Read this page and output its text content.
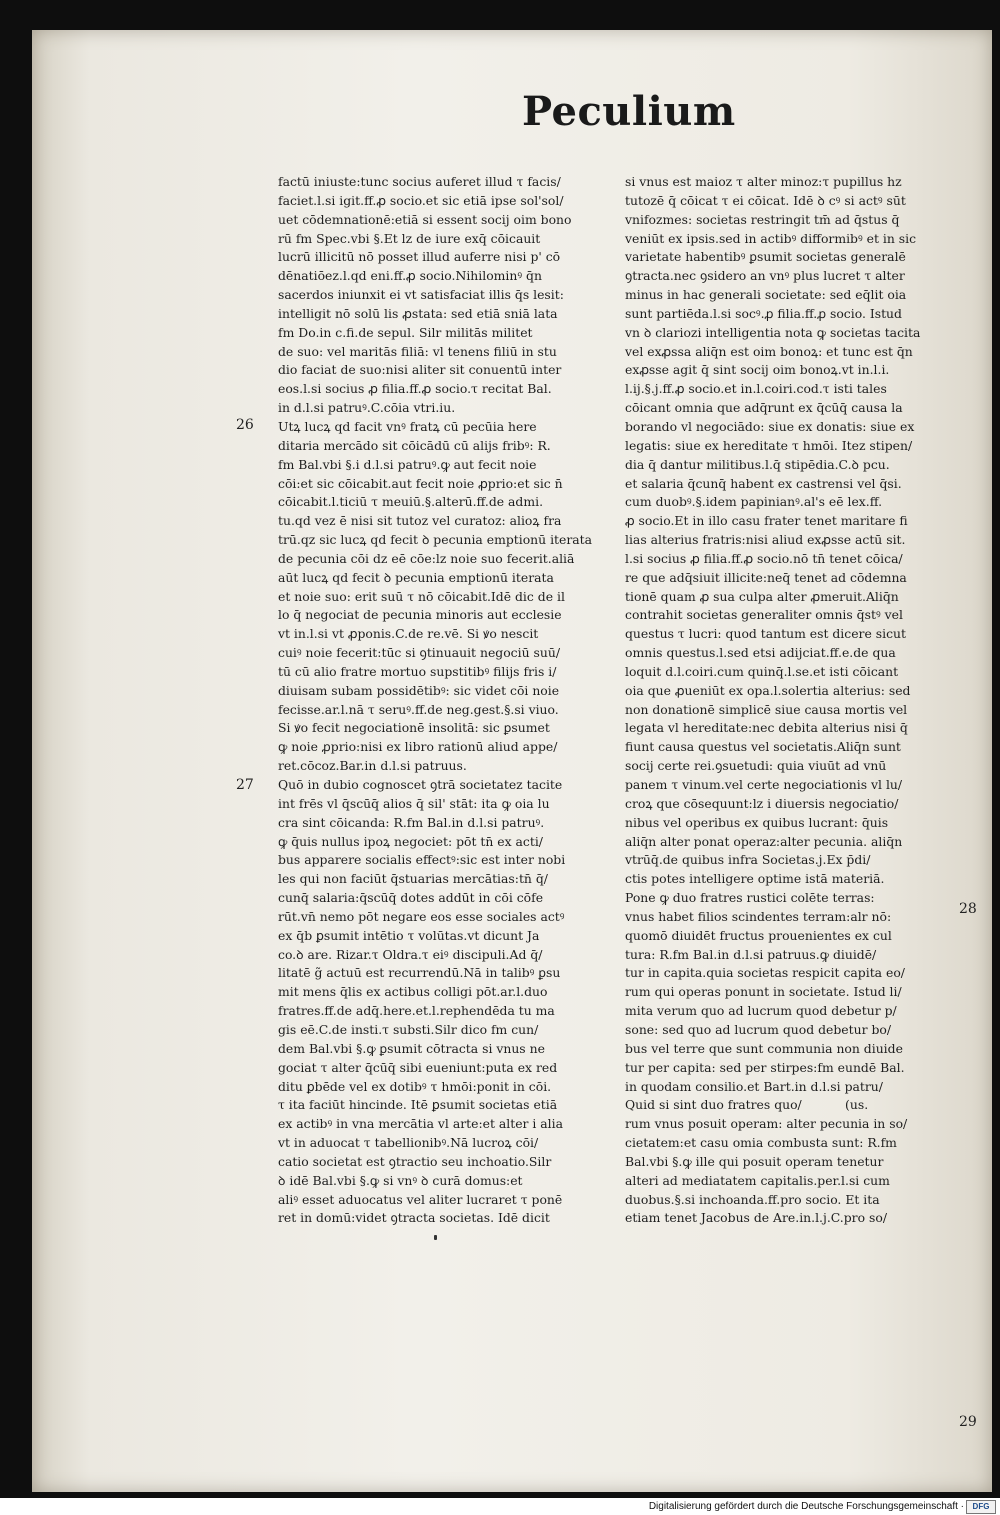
Peculium
factū iniuste:tunc socius auferet illud τ facis/
faciet.l.si igit.ff.ꝓ socio.et sic etiā ipse sol'sol/
uet cōdemnationē:etiā si essent socij oim bono
rū fm Spec.vbi §.Et lz de iure exq̄ cōicauit
lucrū illicitū nō posset illud auferre nisi p' cō
dēnatiōez.l.qd eni.ff.ꝓ socio.Nihilominꝰ q̄n
sacerdos iniunxit ei vt satisfaciat illis q̄s lesit:
intelligit nō solū lis ꝓstata: sed etiā sniā lata
fm Do.in c.fi.de sepul. Silr militās militet
de suo: vel maritās filiā: vl tenens filiū in stu
dio faciat de suo:nisi aliter sit conuentū inter
eos.l.si socius ꝓ filia.ff.ꝓ socio.τ recitat Bal.
in d.l.si patruꝰ.C.cōia vtri.iu.
Utꝝ lucꝝ qd facit vnꝰ fratꝝ cū pecūia here
ditaria mercādo sit cōicādū cū alijs fribꝰ: R.
fm Bal.vbi §.i d.l.si patruꝰ.ꝙ aut fecit noie
cōi:et sic cōicabit.aut fecit noie ꝓprio:et sic n̄
cōicabit.l.ticiū τ meuiū.§.alterū.ff.de admi.
tu.qd vez ē nisi sit tutoz vel curatoz: alioꝝ fra
trū.qz sic lucꝝ qd fecit ꝺ pecunia emptionū iterata
de pecunia cōi dz eē cōe:lz noie suo fecerit.aliā
aūt lucꝝ qd fecit ꝺ pecunia emptionū iterata
et noie suo: erit suū τ nō cōicabit.Idē dic de il
lo q̄ negociat de pecunia minoris aut ecclesie
vt in.l.si vt ꝓponis.C.de re.vē. Si ꝟo nescit
cuiꝰ noie fecerit:tūc si ꝯtinuauit negociū suū/
tū cū alio fratre mortuo supstitibꝰ filijs fris i/
diuisam subam possidētibꝰ: sic videt cōi noie
fecisse.ar.l.nā τ seruꝰ.ff.de neg.gest.§.si viuo.
Si ꝟo fecit negociationē insolitā: sic ꝑsumet
ꝙ noie ꝓprio:nisi ex libro rationū aliud appe/
ret.cōcoz.Bar.in d.l.si patruus.
Quō in dubio cognoscet ꝯtrā societatez tacite
int frēs vl q̄scūq̄ alios q̄ sil' stāt: ita ꝙ oia lu
cra sint cōicanda: R.fm Bal.in d.l.si patruꝰ.
ꝙ q̄uis nullus ipoꝝ negociet: pōt tn̄ ex acti/
bus apparere socialis effectꝰ:sic est inter nobi
les qui non faciūt q̄stuarias mercātias:tn̄ q̄/
cunq̄ salaria:q̄scūq̄ dotes addūt in cōi cōfe
rūt.vn̄ nemo pōt negare eos esse sociales actꝰ
ex q̄b ꝑsumit intētio τ volūtas.vt dicunt Ja
co.ꝺ are. Rizar.τ Oldra.τ eiꝰ discipuli.Ad q̄/
litatē g̃ actuū est recurrendū.Nā in talibꝰ ꝑsu
mit mens q̄lis ex actibus colligi pōt.ar.l.duo
fratres.ff.de adq̄.here.et.l.rephendēda tu ma
gis eē.C.de insti.τ substi.Silr dico fm cun/
dem Bal.vbi §.ꝙ ꝑsumit cōtracta si vnus ne
gociat τ alter q̄cūq̄ sibi eueniunt:puta ex red
ditu ꝑbēde vel ex dotibꝰ τ hmōi:ponit in cōi.
τ ita faciūt hincinde. Itē ꝑsumit societas etiā
ex actibꝰ in vna mercātia vl arte:et alter i alia
vt in aduocat τ tabellionibꝰ.Nā lucroꝝ cōi/
catio societat est ꝯtractio seu inchoatio.Silr
ꝺ idē Bal.vbi §.ꝙ si vnꝰ ꝺ curā domus:et
aliꝰ esset aduocatus vel aliter lucraret τ ponē
ret in domū:videt ꝯtracta societas. Idē dicit
si vnus est maioz τ alter minoz:τ pupillus hz
tutozē q̄ cōicat τ ei cōicat. Idē ꝺ cꝰ si actꝰ sūt
vnifozmes: societas restringit tm̄ ad q̄stus q̄
veniūt ex ipsis.sed in actibꝰ difformibꝰ et in sic
varietate habentibꝰ ꝑsumit societas generalē
ꝯtracta.nec ꝯsidero an vnꝰ plus lucret τ alter
minus in hac generali societate: sed eq̄lit oia
sunt partiēda.l.si socꝰ.ꝓ filia.ff.ꝓ socio. Istud
vn ꝺ clariozi intelligentia nota ꝙ societas tacita
vel exꝓssa aliq̄n est oim bonoꝝ: et tunc est q̄n
exꝓsse agit q̄ sint socij oim bonoꝝ.vt in.l.i.
l.ij.§.j.ff.ꝓ socio.et in.l.coiri.cod.τ isti tales
cōicant omnia que adq̄runt ex q̄cūq̄ causa la
borando vl negociādo: siue ex donatis: siue ex
legatis: siue ex hereditate τ hmōi. Itez stipen/
dia q̄ dantur militibus.l.q̄ stipēdia.C.ꝺ pcu.
et salaria q̄cunq̄ habent ex castrensi vel q̄si.
cum duobꝰ.§.idem papinianꝰ.al's eē lex.ff.
ꝓ socio.Et in illo casu frater tenet maritare fi
lias alterius fratris:nisi aliud exꝓsse actū sit.
l.si socius ꝓ filia.ff.ꝓ socio.nō tn̄ tenet cōica/
re que adq̄siuit illicite:neq̄ tenet ad cōdemna
tionē quam ꝓ sua culpa alter ꝓmeruit.Aliq̄n
contrahit societas generaliter omnis q̄stꝰ vel
questus τ lucri: quod tantum est dicere sicut
omnis questus.l.sed etsi adijciat.ff.e.de qua
loquit d.l.coiri.cum quinq̄.l.se.et isti cōicant
oia que ꝓueniūt ex opa.l.solertia alterius: sed
non donationē simplicē siue causa mortis vel
legata vl hereditate:nec debita alterius nisi q̄
fiunt causa questus vel societatis.Aliq̄n sunt
socij certe rei.ꝯsuetudi: quia viuūt ad vnū
panem τ vinum.vel certe negociationis vl lu/
croꝝ que cōsequunt:lz i diuersis negociatio/
nibus vel operibus ex quibus lucrant: q̄uis
aliq̄n alter ponat operaz:alter pecunia. aliq̄n
vtrūq̄.de quibus infra Societas.j.Ex p̄di/
ctis potes intelligere optime istā materiā.
Pone ꝙ duo fratres rustici colēte terras:
vnus habet filios scindentes terram:alr nō:
quomō diuidēt fructus prouenientes ex cul
tura: R.fm Bal.in d.l.si patruus.ꝙ diuidē/
tur in capita.quia societas respicit capita eo/
rum qui operas ponunt in societate. Istud li/
mita verum quo ad lucrum quod debetur p/
sone: sed quo ad lucrum quod debetur bo/
bus vel terre que sunt communia non diuide
tur per capita: sed per stirpes:fm eundē Bal.
in quodam consilio.et Bart.in d.l.si patru/
Quid si sint duo fratres quo/           (us.
rum vnus posuit operam: alter pecunia in so/
cietatem:et casu omia combusta sunt: R.fm
Bal.vbi §.ꝙ ille qui posuit operam tenetur
alteri ad mediatatem capitalis.per.l.si cum
duobus.§.si inchoanda.ff.pro socio. Et ita
etiam tenet Jacobus de Are.in.l.j.C.pro so/
26
27
28
29
Digitalisierung gefördert durch die Deutsche Forschungsgemeinschaft ·	DFG
